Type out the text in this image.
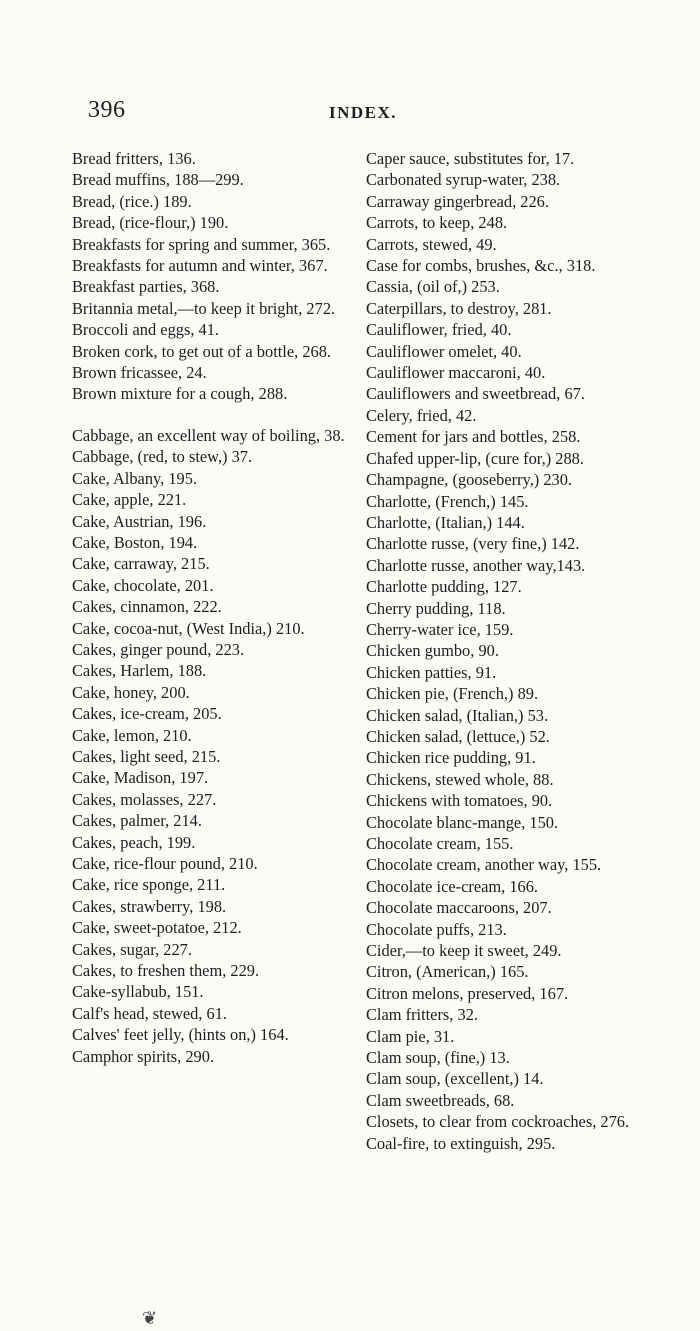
396	INDEX.
Bread fritters, 136.
Bread muffins, 188—299.
Bread, (rice.) 189.
Bread, (rice-flour,) 190.
Breakfasts for spring and summer, 365.
Breakfasts for autumn and winter, 367.
Breakfast parties, 368.
Britannia metal,—to keep it bright, 272.
Broccoli and eggs, 41.
Broken cork, to get out of a bottle, 268.
Brown fricassee, 24.
Brown mixture for a cough, 288.
Cabbage, an excellent way of boiling, 38.
Cabbage, (red, to stew,) 37.
Cake, Albany, 195.
Cake, apple, 221.
Cake, Austrian, 196.
Cake, Boston, 194.
Cake, carraway, 215.
Cake, chocolate, 201.
Cakes, cinnamon, 222.
Cake, cocoa-nut, (West India,) 210.
Cakes, ginger pound, 223.
Cakes, Harlem, 188.
Cake, honey, 200.
Cakes, ice-cream, 205.
Cake, lemon, 210.
Cakes, light seed, 215.
Cake, Madison, 197.
Cakes, molasses, 227.
Cakes, palmer, 214.
Cakes, peach, 199.
Cake, rice-flour pound, 210.
Cake, rice sponge, 211.
Cakes, strawberry, 198.
Cake, sweet-potatoe, 212.
Cakes, sugar, 227.
Cakes, to freshen them, 229.
Cake-syllabub, 151.
Calf's head, stewed, 61.
Calves' feet jelly, (hints on,) 164.
Camphor spirits, 290.
Caper sauce, substitutes for, 17.
Carbonated syrup-water, 238.
Carraway gingerbread, 226.
Carrots, to keep, 248.
Carrots, stewed, 49.
Case for combs, brushes, &c., 318.
Cassia, (oil of,) 253.
Caterpillars, to destroy, 281.
Cauliflower, fried, 40.
Cauliflower omelet, 40.
Cauliflower maccaroni, 40.
Cauliflowers and sweetbread, 67.
Celery, fried, 42.
Cement for jars and bottles, 258.
Chafed upper-lip, (cure for,) 288.
Champagne, (gooseberry,) 230.
Charlotte, (French,) 145.
Charlotte, (Italian,) 144.
Charlotte russe, (very fine,) 142.
Charlotte russe, another way,143.
Charlotte pudding, 127.
Cherry pudding, 118.
Cherry-water ice, 159.
Chicken gumbo, 90.
Chicken patties, 91.
Chicken pie, (French,) 89.
Chicken salad, (Italian,) 53.
Chicken salad, (lettuce,) 52.
Chicken rice pudding, 91.
Chickens, stewed whole, 88.
Chickens with tomatoes, 90.
Chocolate blanc-mange, 150.
Chocolate cream, 155.
Chocolate cream, another way, 155.
Chocolate ice-cream, 166.
Chocolate maccaroons, 207.
Chocolate puffs, 213.
Cider,—to keep it sweet, 249.
Citron, (American,) 165.
Citron melons, preserved, 167.
Clam fritters, 32.
Clam pie, 31.
Clam soup, (fine,) 13.
Clam soup, (excellent,) 14.
Clam sweetbreads, 68.
Closets, to clear from cockroaches, 276.
Coal-fire, to extinguish, 295.
❦
